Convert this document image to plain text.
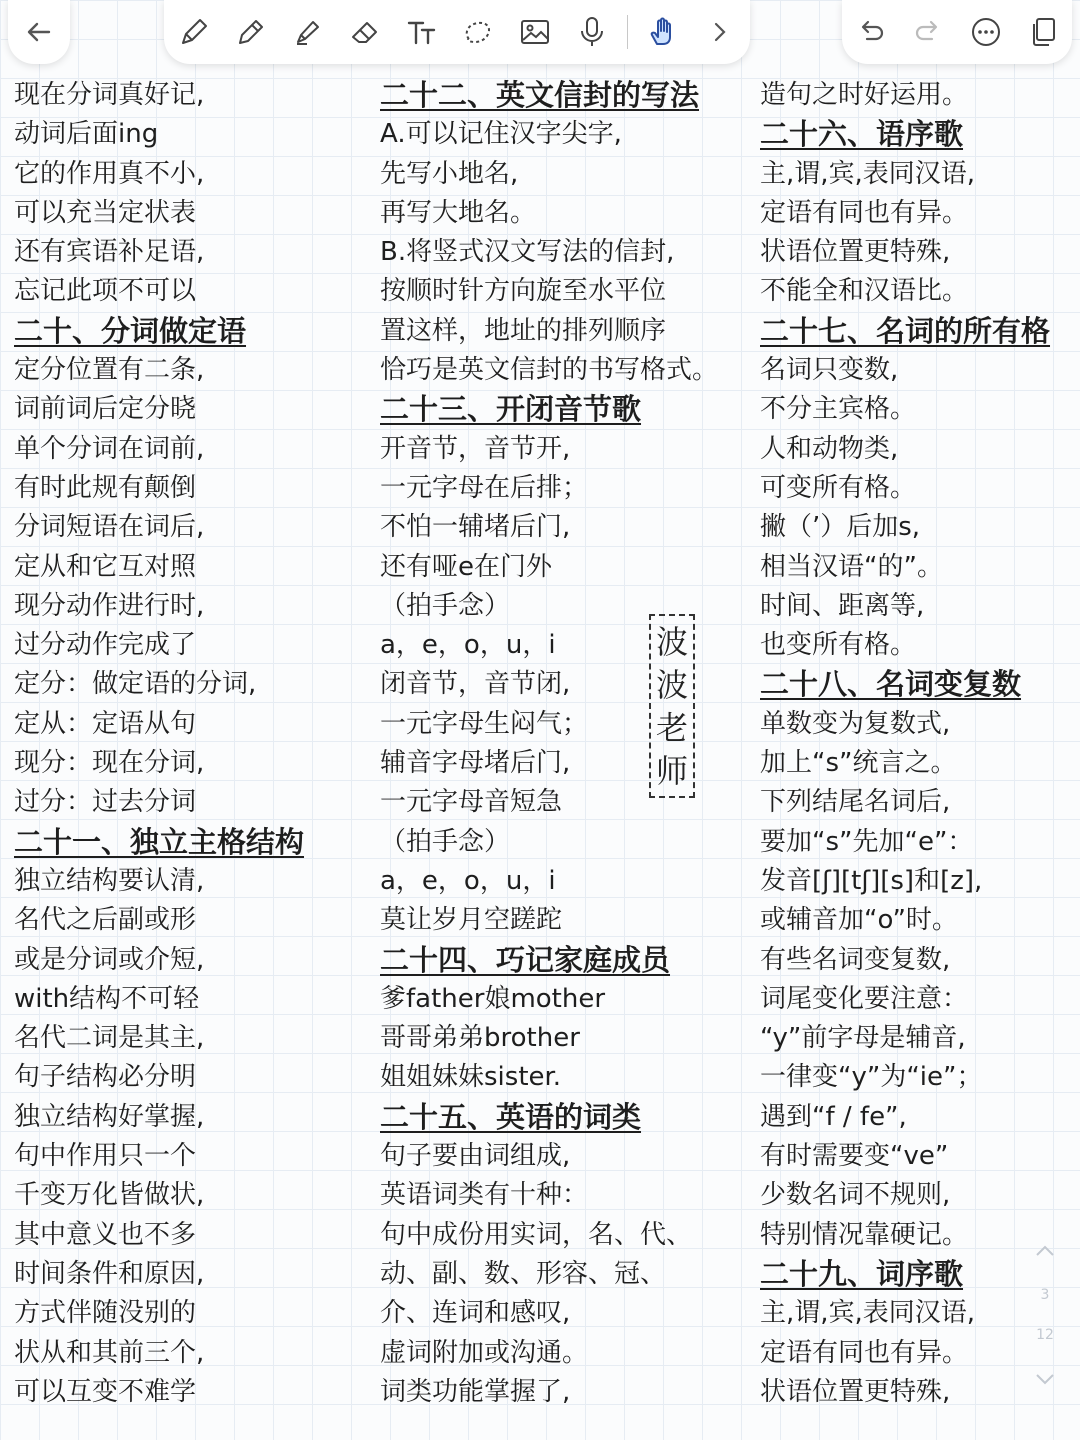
现在分词真好记,
动词后面ing
它的作用真不小,
可以充当定状表
还有宾语补足语,
忘记此项不可以
二十、分词做定语
定分位置有二条,
词前词后定分晓
单个分词在词前,
有时此规有颠倒
分词短语在词后,
定从和它互对照
现分动作进行时,
过分动作完成了
定分：做定语的分词,
定从：定语从句
现分：现在分词,
过分：过去分词
二十一、独立主格结构
独立结构要认清,
名代之后副或形
或是分词或介短,
with结构不可轻
名代二词是其主,
句子结构必分明
独立结构好掌握,
句中作用只一个
千变万化皆做状,
其中意义也不多
时间条件和原因,
方式伴随没别的
状从和其前三个,
可以互变不难学
二十二、英文信封的写法
A.可以记住汉字尖字,
先写小地名,
再写大地名。
B.将竖式汉文写法的信封,
按顺时针方向旋至水平位
置这样，地址的排列顺序
恰巧是英文信封的书写格式。
二十三、开闭音节歌
开音节，音节开,
一元字母在后排；
不怕一辅堵后门,
还有哑e在门外
（拍手念）
a，e，o，u，i
闭音节，音节闭,
一元字母生闷气；
辅音字母堵后门,
一元字母音短急
（拍手念）
a，e，o，u，i
莫让岁月空蹉跎
二十四、巧记家庭成员
爹father娘mother
哥哥弟弟brother
姐姐妹妹sister.
二十五、英语的词类
句子要由词组成,
英语词类有十种：
句中成份用实词，名、代、
动、副、数、形容、冠、
介、连词和感叹,
虚词附加或沟通。
词类功能掌握了,
造句之时好运用。
二十六、语序歌
主,谓,宾,表同汉语,
定语有同也有异。
状语位置更特殊,
不能全和汉语比。
二十七、名词的所有格
名词只变数,
不分主宾格。
人和动物类,
可变所有格。
撇（’）后加s,
相当汉语“的”。
时间、距离等,
也变所有格。
二十八、名词变复数
单数变为复数式,
加上“s”统言之。
下列结尾名词后,
要加“s”先加“e”：
发音[ʃ][tʃ][s]和[z],
或辅音加“o”时。
有些名词变复数,
词尾变化要注意：
“y”前字母是辅音,
一律变“y”为“ie”；
遇到“f / fe”,
有时需要变“ve”
少数名词不规则,
特别情况靠硬记。
二十九、词序歌
主,谓,宾,表同汉语,
定语有同也有异。
状语位置更特殊,
波
波
老
师
3
12
